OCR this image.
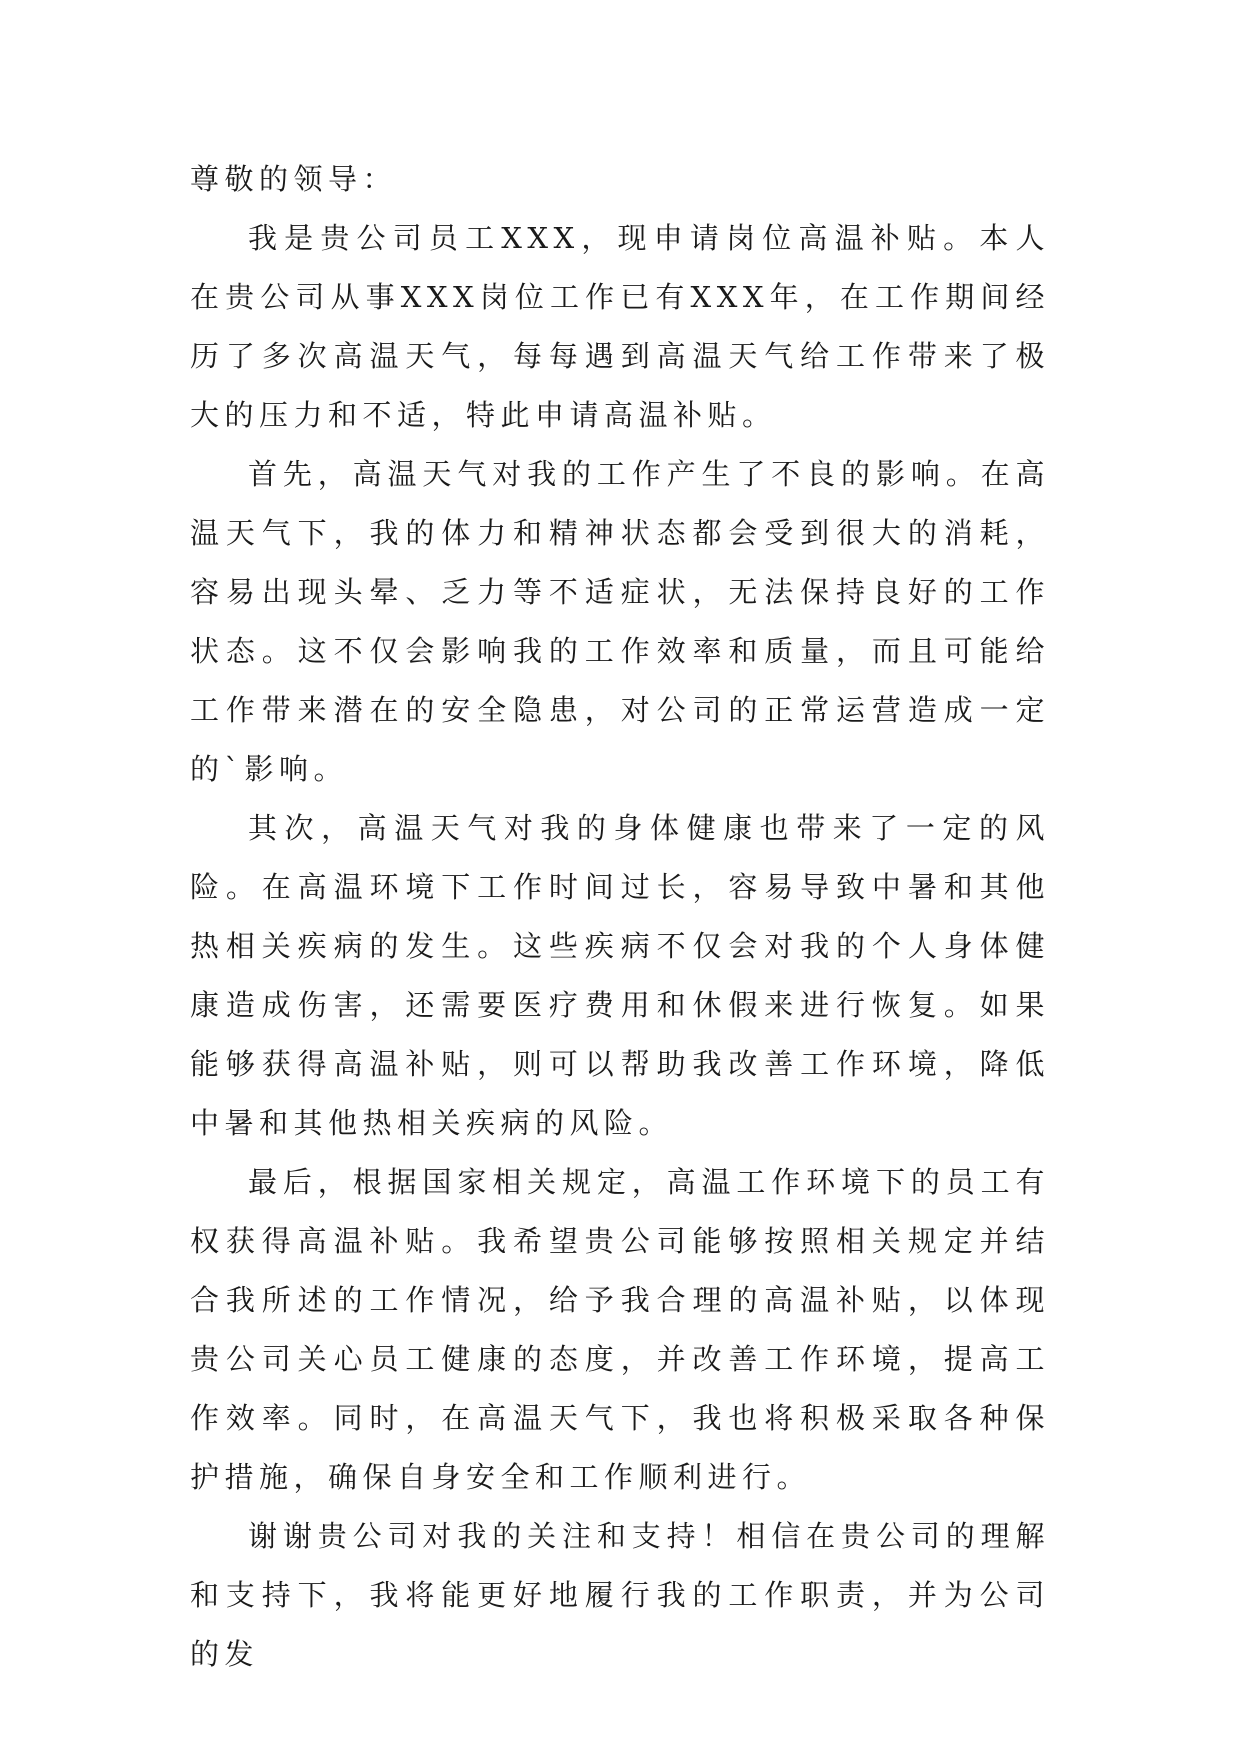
尊敬的领导：

我是贵公司员工XXX，现申请岗位高温补贴。本人在贵公司从事XXX岗位工作已有XXX年，在工作期间经历了多次高温天气，每每遇到高温天气给工作带来了极大的压力和不适，特此申请高温补贴。

首先，高温天气对我的工作产生了不良的影响。在高温天气下，我的体力和精神状态都会受到很大的消耗，容易出现头晕、乏力等不适症状，无法保持良好的工作状态。这不仅会影响我的工作效率和质量，而且可能给工作带来潜在的安全隐患，对公司的正常运营造成一定的`影响。

其次，高温天气对我的身体健康也带来了一定的风险。在高温环境下工作时间过长，容易导致中暑和其他热相关疾病的发生。这些疾病不仅会对我的个人身体健康造成伤害，还需要医疗费用和休假来进行恢复。如果能够获得高温补贴，则可以帮助我改善工作环境，降低中暑和其他热相关疾病的风险。

最后，根据国家相关规定，高温工作环境下的员工有权获得高温补贴。我希望贵公司能够按照相关规定并结合我所述的工作情况，给予我合理的高温补贴，以体现贵公司关心员工健康的态度，并改善工作环境，提高工作效率。同时，在高温天气下，我也将积极采取各种保护措施，确保自身安全和工作顺利进行。

谢谢贵公司对我的关注和支持！相信在贵公司的理解和支持下，我将能更好地履行我的工作职责，并为公司的发
